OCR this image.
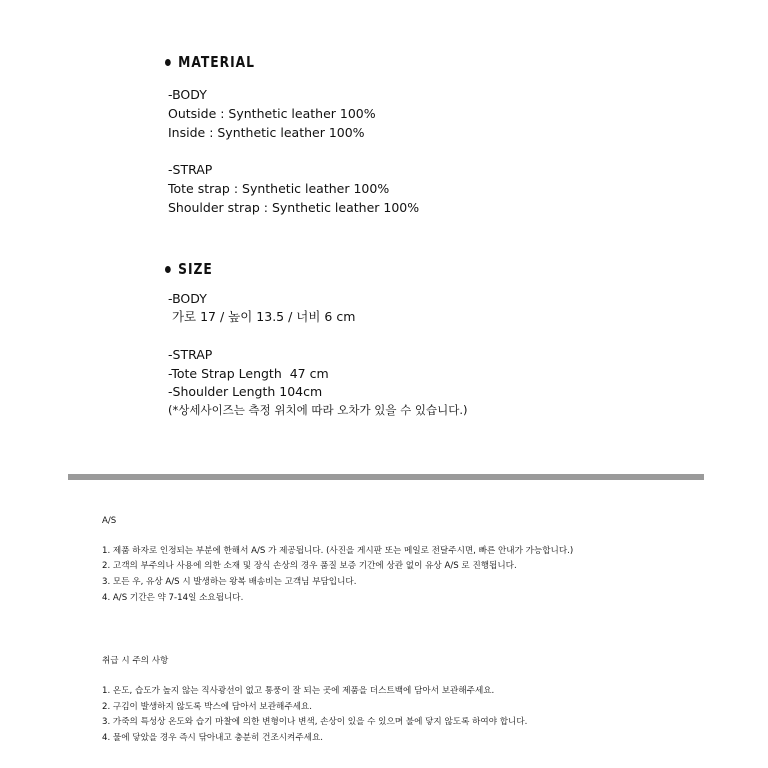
MATERIAL
-BODY
Outside : Synthetic leather 100%
Inside : Synthetic leather 100%
-STRAP
Tote strap : Synthetic leather 100%
Shoulder strap : Synthetic leather 100%
SIZE
-BODY
가로 17 / 높이 13.5 / 너비 6 cm
-STRAP
-Tote Strap Length  47 cm
-Shoulder Length 104cm
(*상세사이즈는 측정 위치에 따라 오차가 있을 수 있습니다.)
A/S
1. 제품 하자로 인정되는 부분에 한해서 A/S 가 제공됩니다. (사진을 게시판 또는 메일로 전달주시면, 빠른 안내가 가능합니다.)
2. 고객의 부주의나 사용에 의한 소재 및 장식 손상의 경우 품질 보증 기간에 상관 없이 유상 A/S 로 진행됩니다.
3. 모든 우, 유상 A/S 시 발생하는 왕복 배송비는 고객님 부담입니다.
4. A/S 기간은 약 7-14일 소요됩니다.
취급 시 주의 사항
1. 온도, 습도가 높지 않는 직사광선이 없고 통풍이 잘 되는 곳에 제품을 더스트백에 담아서 보관해주세요.
2. 구김이 발생하지 않도록 박스에 담아서 보관해주세요.
3. 가죽의 특성상 온도와 습기 마찰에 의한 변형이나 변색, 손상이 있을 수 있으며 불에 닿지 않도록 하여야 합니다.
4. 물에 닿았을 경우 즉시 닦아내고 충분히 건조시켜주세요.
